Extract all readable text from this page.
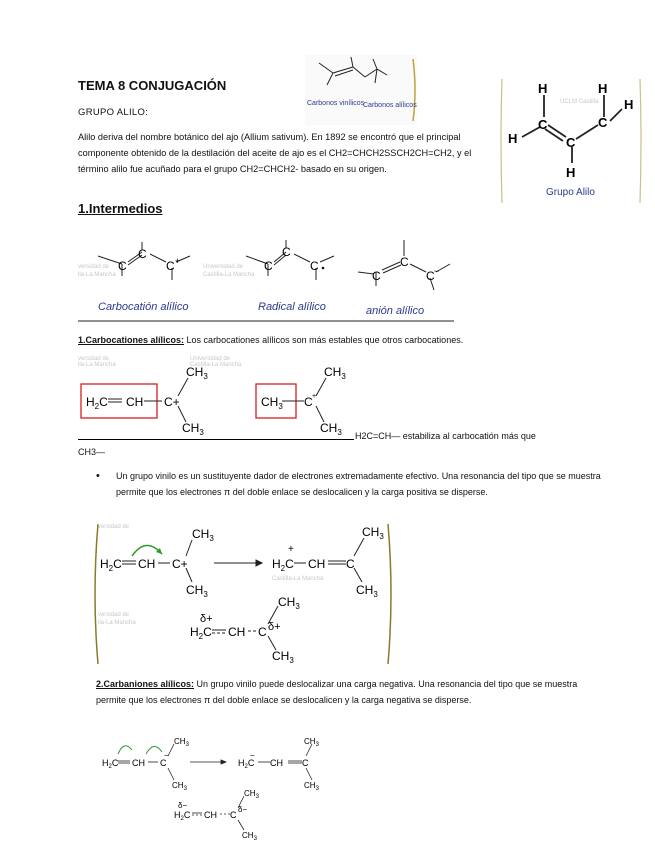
TEMA 8 CONJUGACIÓN
GRUPO ALILO:
Alilo deriva del nombre botánico del ajo (Allium sativum). En 1892 se encontró que el principal componente obtenido de la destilación del aceite de ajo es el CH2=CHCH2SSCH2CH=CH2, y el término alilo fue acuñado para el grupo CH2=CHCH2- basado en su origen.
Carbonos vinílicos
Carbonos alílicos	UCLM Castilla
H
C
H	C
C
H
H
H
Grupo Alilo
1.Intermedios
versidad de
lla-La Mancha
Universidad de
Castilla-La Mancha
C
C
C +	C
C
C
C
C
C −
Carbocatión alílico	Radical alílico	anión alílico
1.Carbocationes alílicos: Los carbocationes alílicos son más estables que otros carbocationes.
versidad de
lla-La Mancha
Universidad de
Castilla-La Mancha
$H_2C$ CH C+
$CH_3$
$CH_3$
$CH_3$ C +
$CH_3$
$CH_3$ H2C=CH— estabiliza al carbocatión más que
CH3—
• Un grupo vinilo es un sustituyente dador de electrones extremadamente efectivo. Una resonancia del tipo que se muestra permite que los electrones π del doble enlace se deslocalicen y la carga positiva se disperse.
versidad de
versidad de
lla-La Mancha
Castilla-La Mancha
$H_2C$ CH C+
$CH_3$
$CH_3$
+
$H_2C$ CH C
$CH_3$
$CH_3$
δ+
$H_2C$ CH C δ+
$CH_3$
$CH_3$
2.Carbaniones alílicos: Un grupo vinilo puede deslocalizar una carga negativa. Una resonancia del tipo que se muestra permite que los electrones π del doble enlace se deslocalicen y la carga negativa se disperse.
$H_2C$ CH C
−
$CH_3$
$CH_3$
$H_2C$
−
CH C
$CH_3$
$CH_3$
δ−
$H_2C$ CH C
δ−
$CH_3$
$CH_3$
